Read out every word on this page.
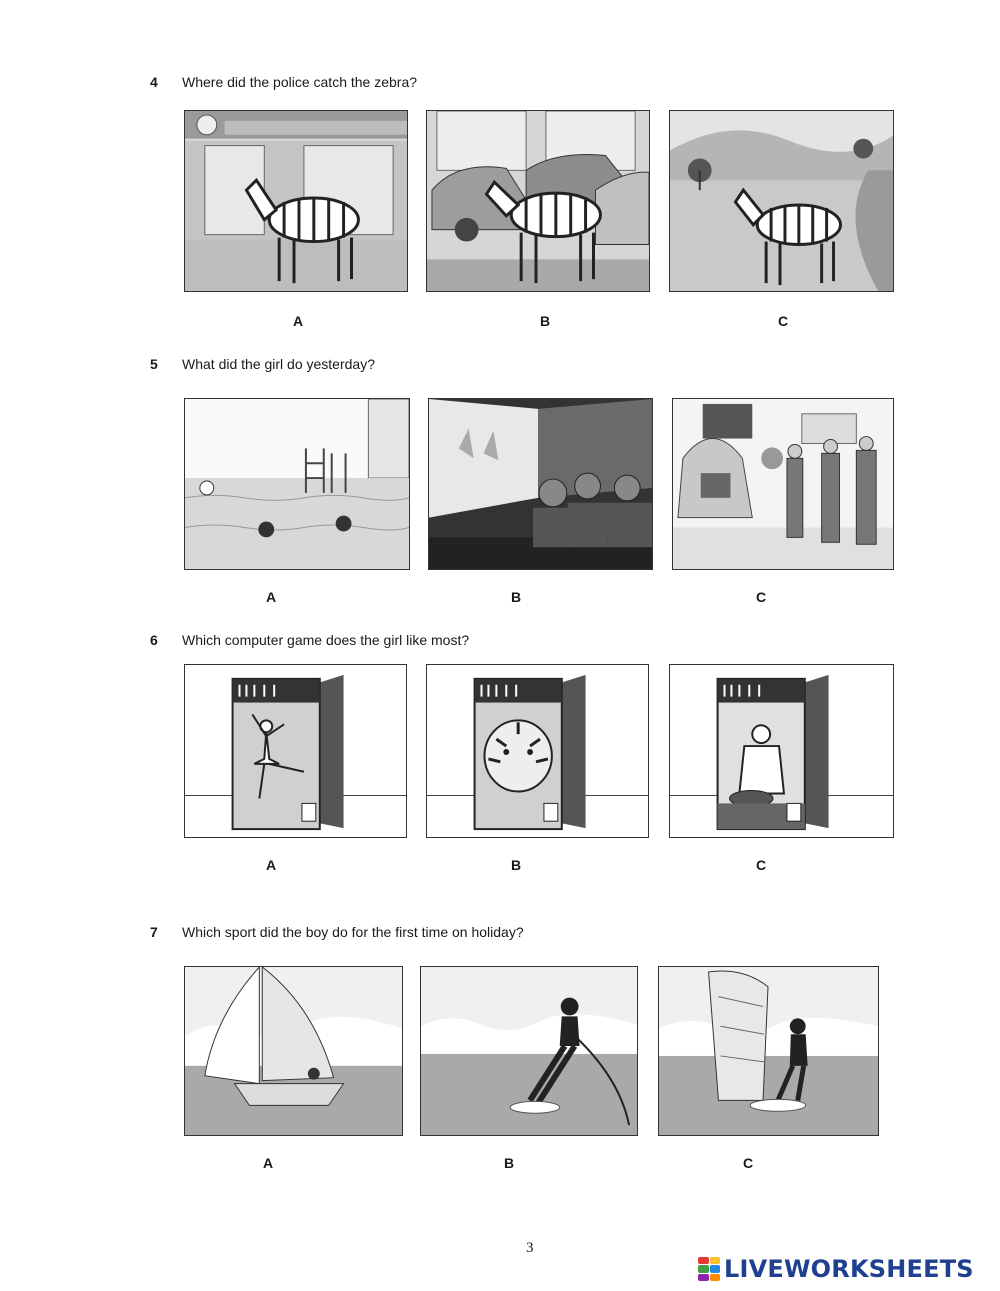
4 Where did the police catch the zebra?
A	B	C
5 What did the girl do yesterday?
A	B	C
6 Which computer game does the girl like most?
A	B	C
7 Which sport did the boy do for the first time on holiday?
A	B	C
3
LIVEWORKSHEETS
